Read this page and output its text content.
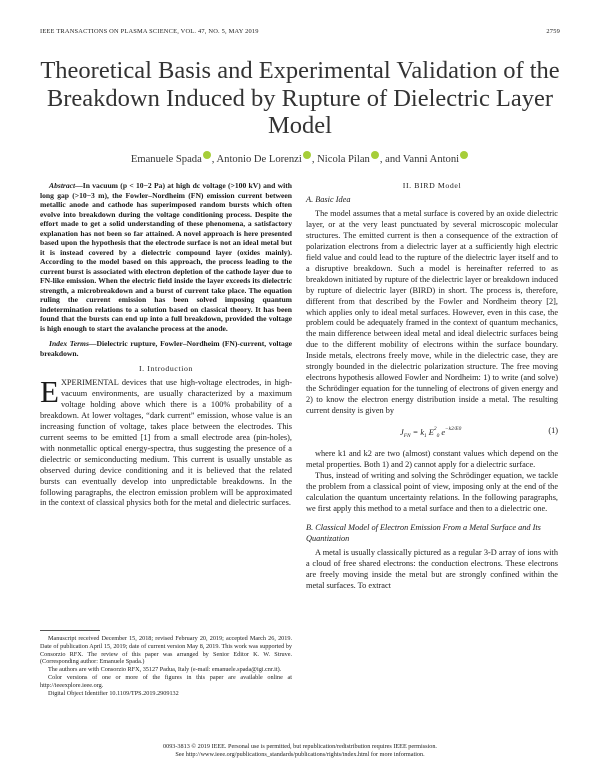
IEEE TRANSACTIONS ON PLASMA SCIENCE, VOL. 47, NO. 5, MAY 2019	2759
Theoretical Basis and Experimental Validation of the Breakdown Induced by Rupture of Dielectric Layer Model
Emanuele Spada , Antonio De Lorenzi , Nicola Pilan , and Vanni Antoni

Abstract—In vacuum (p < 10−2 Pa) at high dc voltage (>100 kV) and with long gap (>10−3 m), the Fowler–Nordheim (FN) emission current between metallic anode and cathode has superimposed random bursts which often evolve into breakdown during the voltage conditioning process. Despite the effort made to get a solid understanding of these phenomena, a satisfactory explanation has not been so far attained. A novel approach is here presented based upon the hypothesis that the electrode surface is not an ideal metal but it is instead covered by a dielectric compound layer (oxides mainly). According to the model based on this approach, the process leading to the current burst is associated with electron depletion of the cathode layer due to FN-like emission. When the electric field inside the layer exceeds its dielectric strength, a microbreakdown and a burst of current take place. The equation ruling the current emission has been solved imposing quantum indetermination relations to a solution based on classical theory. It has been found that the bursts can end up into a full breakdown, provided the voltage is high enough to start the avalanche process at the anode.

Index Terms—Dielectric rupture, Fowler–Nordheim (FN)-current, voltage breakdown.

I. Introduction

EXPERIMENTAL devices that use high-voltage electrodes, in high-vacuum environments, are usually characterized by a maximum voltage holding above which there is a 100% probability of a breakdown. At lower voltages, “dark current” emission, whose value is an increasing function of voltage, takes place between the electrodes. This current seems to be emitted [1] from a small electrode area (pin-holes), with nonmetallic optical energy-spectra, thus suggesting the presence of a dielectric or semiconducting medium. This current is usually unstable as observed during device conditioning and it is believed that the related bursts can eventually develop into unpredictable breakdowns. In the following paragraphs, the electron emission problem will be approximated in the context of classical physics both for the metal and dielectric surfaces.

Manuscript received December 15, 2018; revised February 20, 2019; accepted March 26, 2019. Date of publication April 15, 2019; date of current version May 8, 2019. This work was supported by Consorzio RFX. The review of this paper was arranged by Senior Editor K. W. Struve. (Corresponding author: Emanuele Spada.)

The authors are with Consorzio RFX, 35127 Padua, Italy (e-mail: emanuele.spada@igi.cnr.it).

Color versions of one or more of the figures in this paper are available online at http://ieeexplore.ieee.org.

Digital Object Identifier 10.1109/TPS.2019.2909132

II. BIRD Model
A. Basic Idea

The model assumes that a metal surface is covered by an oxide dielectric layer, or at the very least punctuated by several microscopic molecular structures. The emitted current is then a consequence of the extraction of polarization electrons from a dielectric layer at a sufficiently high electric field value and could lead to the rupture of the dielectric layer itself and to a disruptive breakdown. Such a model is hereinafter referred to as breakdown initiated by rupture of the dielectric layer or breakdown induced by rupture of dielectric layer (BIRD) in short. The process is, therefore, different from that described by the Fowler and Nordheim theory [2], which applies only to ideal metal surfaces. However, even in this case, the problem could be adequately framed in the context of quantum mechanics, the main difference between ideal metal and ideal dielectric surfaces being due to the different mobility of electrons within the surface boundary. Inside metals, electrons freely move, while in the dielectric case, they are strongly bounded in the dielectric polarization structure. The free moving electrons hypothesis allowed Fowler and Nordheim: 1) to write (and solve) the Schrödinger equation for the tunneling of electrons of given energy and 2) to know the electron energy distribution inside a metal. The resulting current density is given by

$J_{FN} = k_1$ $E^2_0$ $e^{-k2/E0}$	(1)

where k1 and k2 are two (almost) constant values which depend on the metal properties. Both 1) and 2) cannot apply for a dielectric surface.

Thus, instead of writing and solving the Schrödinger equation, we tackle the problem from a classical point of view, imposing only at the end of the calculation the quantum uncertainty relations. In the following paragraphs, we first apply this method to a metal surface and then to a dielectric one.

B. Classical Model of Electron Emission From a Metal Surface and Its Quantization

A metal is usually classically pictured as a regular 3-D array of ions with a cloud of free shared electrons: the conduction electrons. These electrons are freely moving inside the metal but are strongly confined within the metal surfaces. To extract

0093-3813 © 2019 IEEE. Personal use is permitted, but republication/redistribution requires IEEE permission.
See http://www.ieee.org/publications_standards/publications/rights/index.html for more information.
